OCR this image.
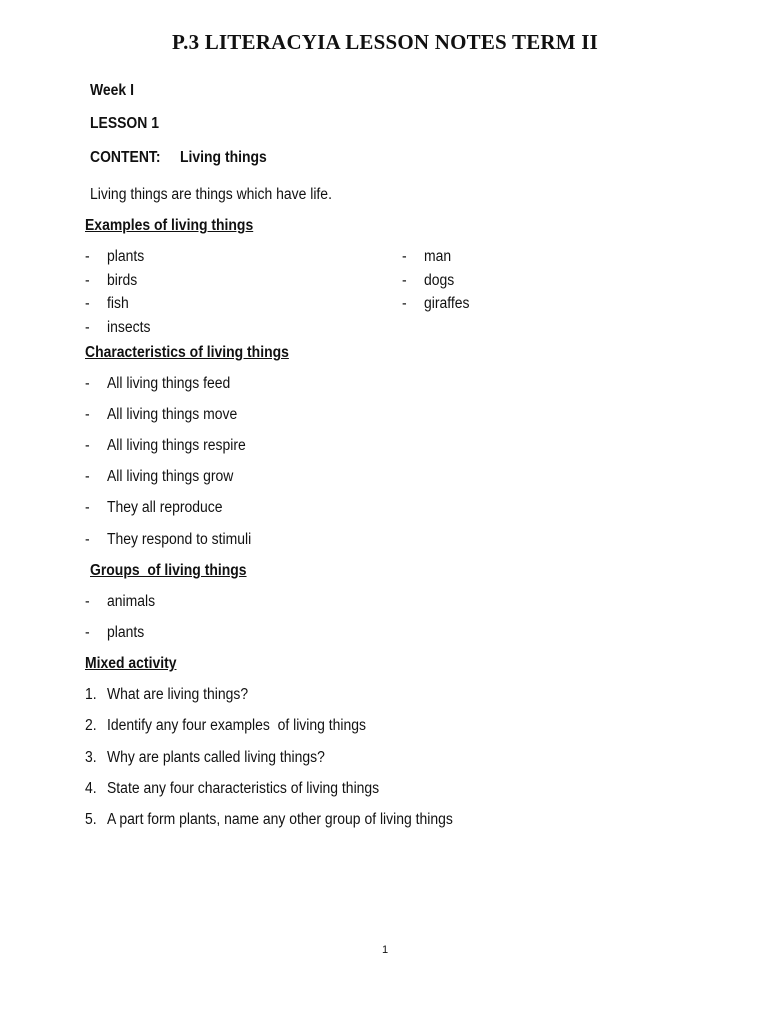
P.3 LITERACYIA LESSON NOTES TERM II
Week I
LESSON 1
CONTENT: Living things
Living things are things which have life.
Examples of living things
- plants
- birds
- fish
- insects
- man
- dogs
- giraffes
Characteristics of living things
- All living things feed
- All living things move
- All living things respire
- All living things grow
- They all reproduce
- They respond to stimuli
Groups  of living things
- animals
- plants
Mixed activity
1. What are living things?
2. Identify any four examples  of living things
3. Why are plants called living things?
4. State any four characteristics of living things
5. A part form plants, name any other group of living things
1
